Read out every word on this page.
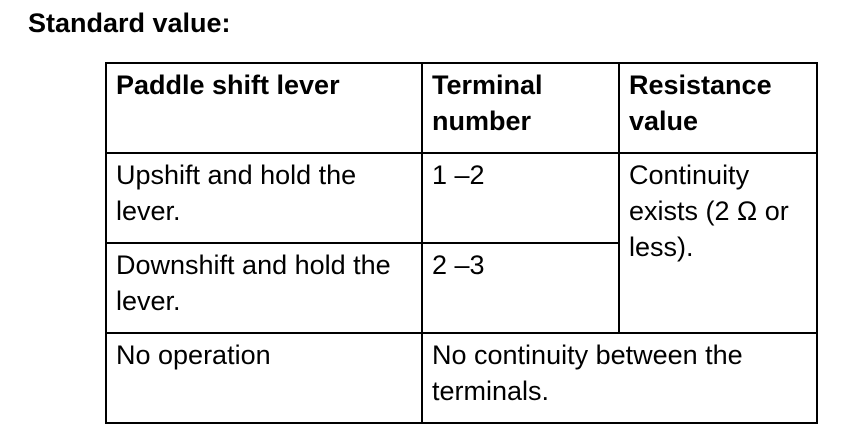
Standard value:
Paddle shift lever	Terminal number	Resistance value
Upshift and hold the lever.	1 –2	Continuity exists (2 Ω or less).
Downshift and hold the lever.	2 –3	
No operation	No continuity between the terminals.	
